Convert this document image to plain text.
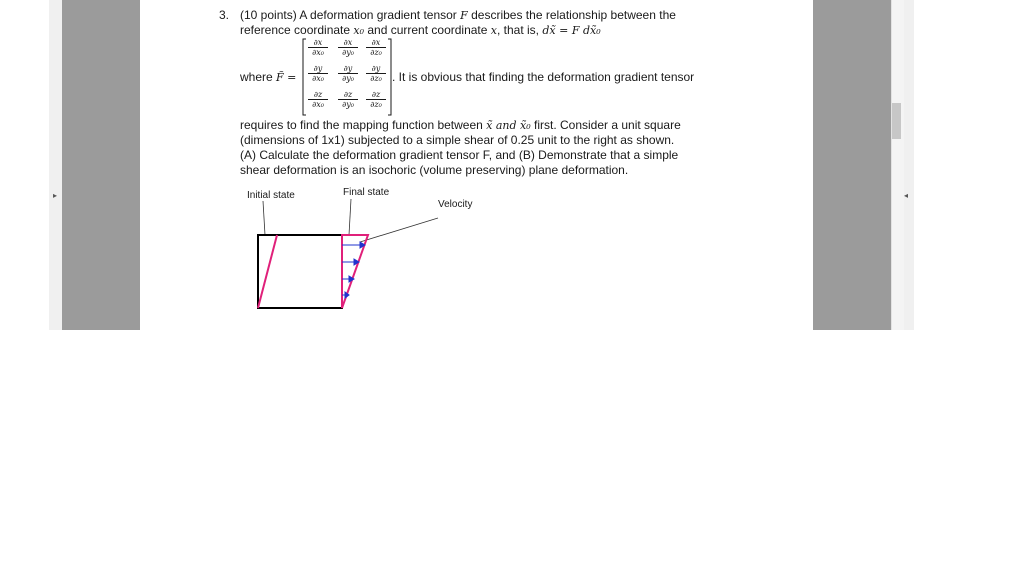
▸	◂
3. (10 points) A deformation gradient tensor F describes the relationship between the
reference coordinate x₀ and current coordinate x, that is, dx̃ = F dx̃₀
where F̃ =
$\frac{\partial x}{\text{∂x₀}} \frac{\partial x}{\text{∂y₀}} \frac{\partial x}{\text{∂z₀}}$
$\frac{\partial y}{\text{∂x₀}} \frac{\partial y}{\text{∂y₀}} \frac{\partial y}{\text{∂z₀}}$
$\frac{\partial z}{\text{∂x₀}} \frac{\partial z}{\text{∂y₀}} \frac{\partial z}{\text{∂z₀}}$
. It is obvious that finding the deformation gradient tensor
requires to find the mapping function between x̃ and x̃₀ first. Consider a unit square
(dimensions of 1x1) subjected to a simple shear of 0.25 unit to the right as shown.
(A) Calculate the deformation gradient tensor F, and (B) Demonstrate that a simple
shear deformation is an isochoric (volume preserving) plane deformation.
Initial state	Final state
Velocity
